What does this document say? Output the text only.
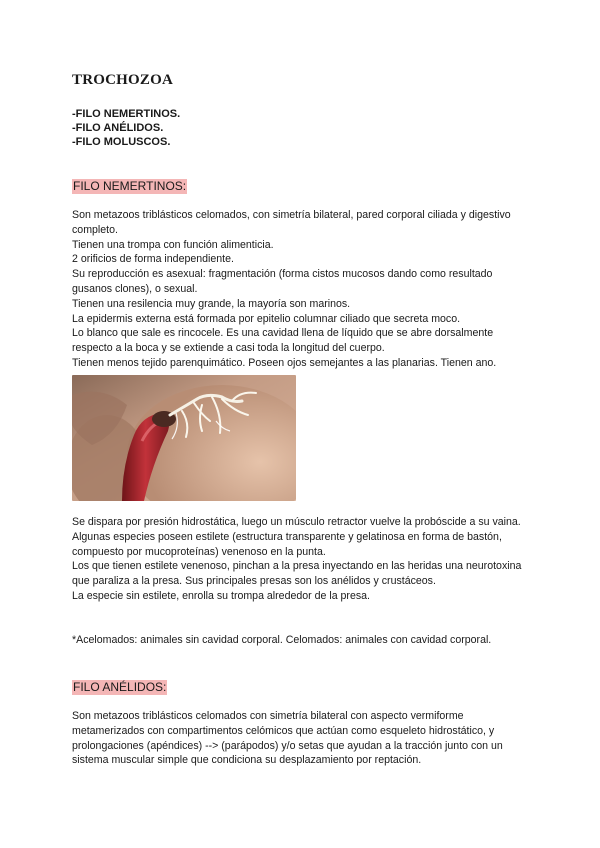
TROCHOZOA
-FILO NEMERTINOS.
-FILO ANÉLIDOS.
-FILO MOLUSCOS.
FILO NEMERTINOS:

Son metazoos triblásticos celomados, con simetría bilateral, pared corporal ciliada y digestivo completo.

Tienen una trompa con función alimenticia.

2 orificios de forma independiente.

Su reproducción es asexual: fragmentación (forma cistos mucosos dando como resultado gusanos clones), o sexual.

Tienen una resilencia muy grande, la mayoría son marinos.

La epidermis externa está formada por epitelio columnar ciliado que secreta moco.

Lo blanco que sale es rincocele. Es una cavidad llena de líquido que se abre dorsalmente respecto a la boca y se extiende a casi toda la longitud del cuerpo.

Tienen menos tejido parenquimático. Poseen ojos semejantes a las planarias. Tienen ano.

Se dispara por presión hidrostática, luego un músculo retractor vuelve la probóscide a su vaina.

Algunas especies poseen estilete (estructura transparente y gelatinosa en forma de bastón, compuesto por mucoproteínas) venenoso en la punta.

Los que tienen estilete venenoso, pinchan a la presa inyectando en las heridas una neurotoxina que paraliza a la presa. Sus principales presas son los anélidos y crustáceos.

La especie sin estilete, enrolla su trompa alrededor de la presa.

*Acelomados: animales sin cavidad corporal. Celomados: animales con cavidad corporal.
FILO ANÉLIDOS:

Son metazoos triblásticos celomados con simetría bilateral con aspecto vermiforme metamerizados con compartimentos celómicos que actúan como esqueleto hidrostático, y prolongaciones (apéndices) --> (parápodos) y/o setas que ayudan a la tracción junto con un sistema muscular simple que condiciona su desplazamiento por reptación.
